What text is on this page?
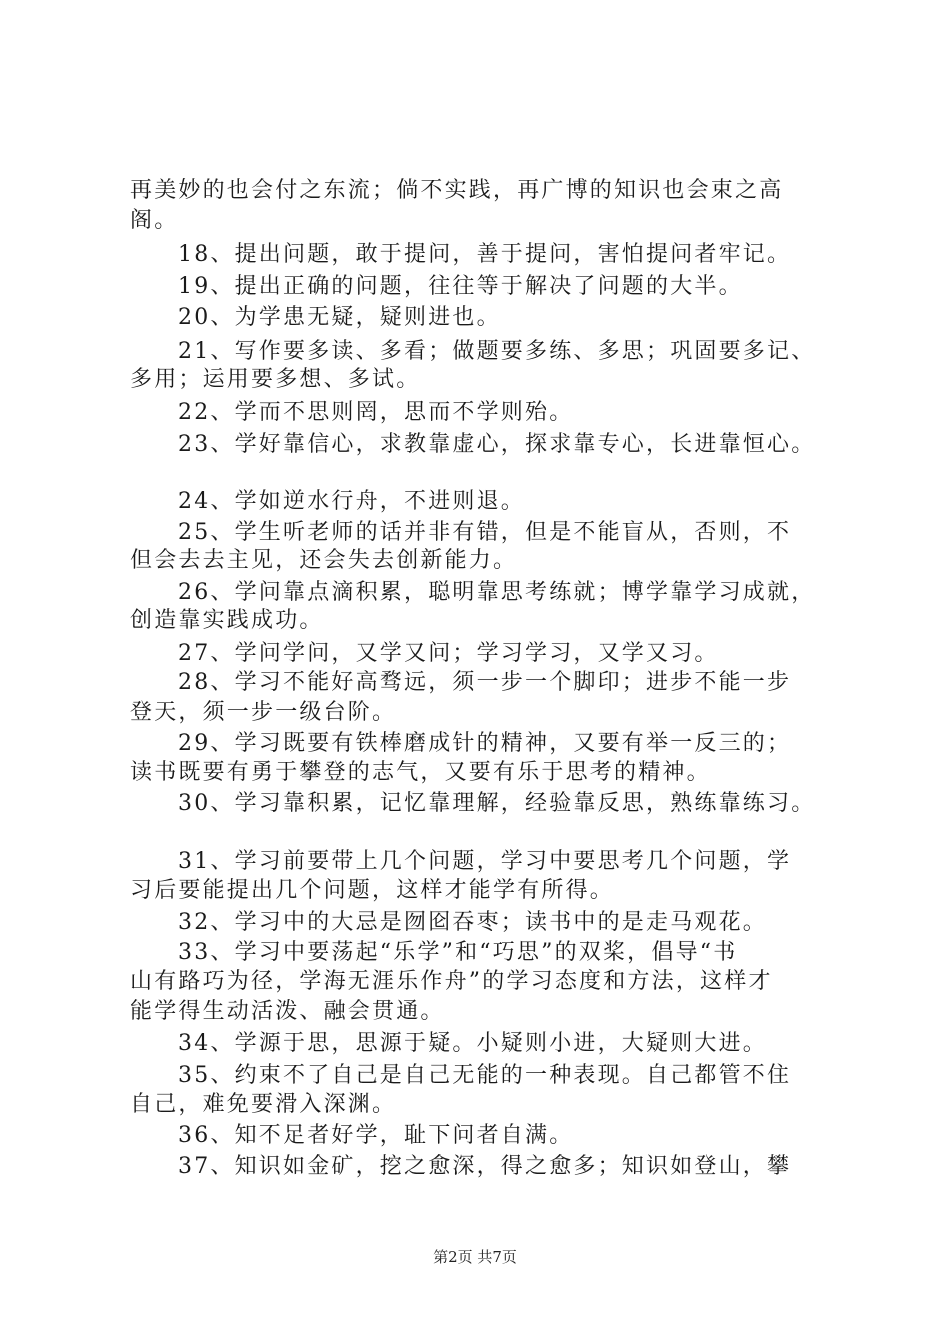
再美妙的也会付之东流；倘不实践，再广博的知识也会束之高
阁。
18、提出问题，敢于提问，善于提问，害怕提问者牢记。
19、提出正确的问题，往往等于解决了问题的大半。
20、为学患无疑，疑则进也。
21、写作要多读、多看；做题要多练、多思；巩固要多记、
多用；运用要多想、多试。
22、学而不思则罔，思而不学则殆。
23、学好靠信心，求教靠虚心，探求靠专心，长进靠恒心。
24、学如逆水行舟，不进则退。
25、学生听老师的话并非有错，但是不能盲从，否则，不
但会去去主见，还会失去创新能力。
26、学问靠点滴积累，聪明靠思考练就；博学靠学习成就，
创造靠实践成功。
27、学问学问，又学又问；学习学习，又学又习。
28、学习不能好高骛远，须一步一个脚印；进步不能一步
登天，须一步一级台阶。
29、学习既要有铁棒磨成针的精神，又要有举一反三的；
读书既要有勇于攀登的志气，又要有乐于思考的精神。
30、学习靠积累，记忆靠理解，经验靠反思，熟练靠练习。
31、学习前要带上几个问题，学习中要思考几个问题，学
习后要能提出几个问题，这样才能学有所得。
32、学习中的大忌是囫囵吞枣；读书中的是走马观花。
33、学习中要荡起“乐学”和“巧思”的双桨，倡导“书
山有路巧为径，学海无涯乐作舟”的学习态度和方法，这样才
能学得生动活泼、融会贯通。
34、学源于思，思源于疑。小疑则小进，大疑则大进。
35、约束不了自己是自己无能的一种表现。自己都管不住
自己，难免要滑入深渊。
36、知不足者好学，耻下问者自满。
37、知识如金矿，挖之愈深，得之愈多；知识如登山，攀
第2页 共7页
